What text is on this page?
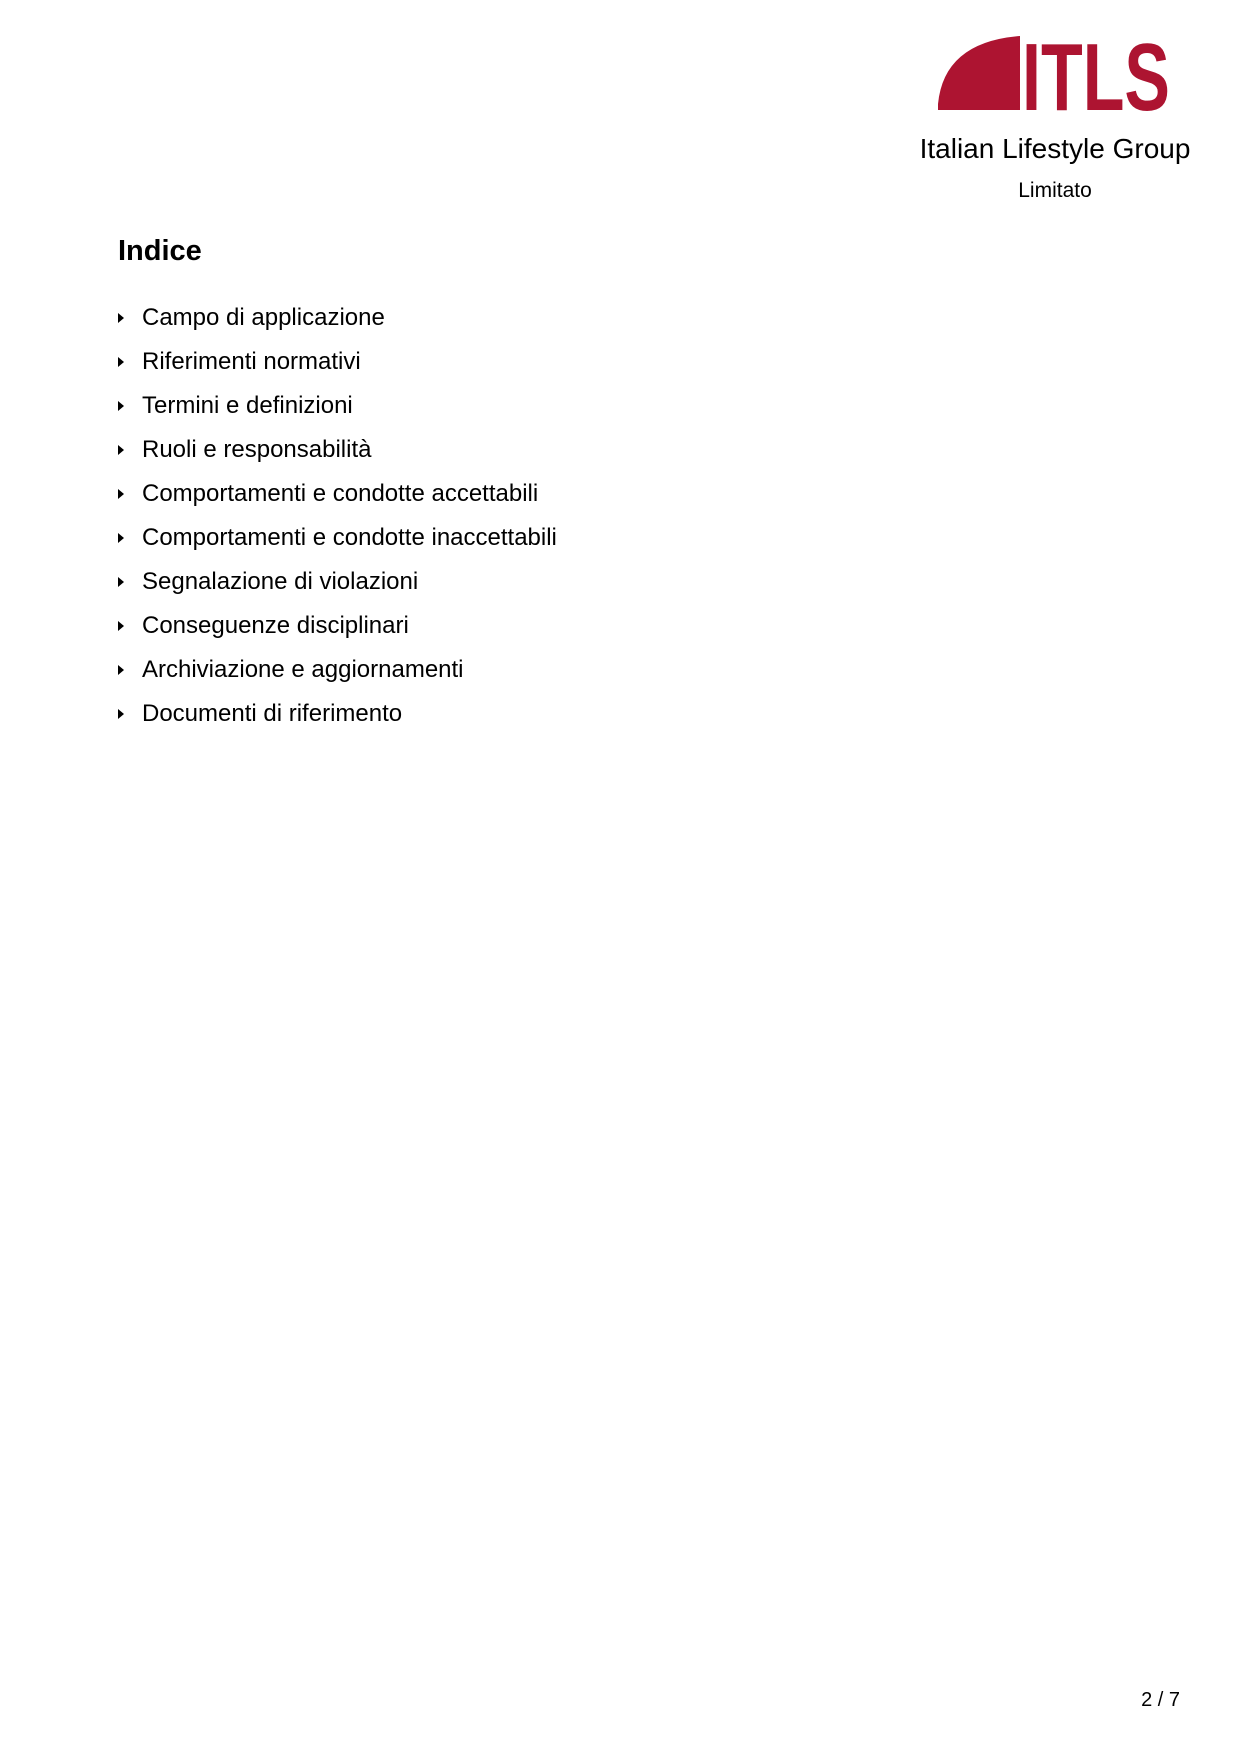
ITLS
Italian Lifestyle Group
Limitato
Indice
Campo di applicazione
Riferimenti normativi
Termini e definizioni
Ruoli e responsabilità
Comportamenti e condotte accettabili
Comportamenti e condotte inaccettabili
Segnalazione di violazioni
Conseguenze disciplinari
Archiviazione e aggiornamenti
Documenti di riferimento
2 / 7
